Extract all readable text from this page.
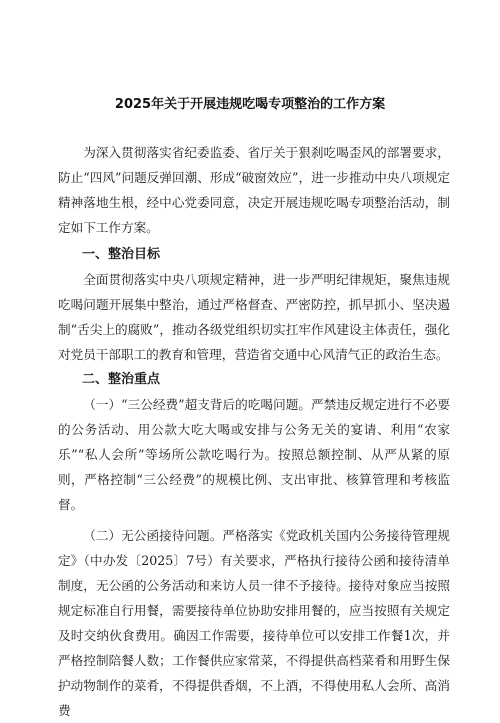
2025年关于开展违规吃喝专项整治的工作方案

为深入贯彻落实省纪委监委、省厅关于狠刹吃喝歪风的部署要求，防止“四风”问题反弹回潮、形成“破窗效应”，进一步推动中央八项规定精神落地生根，经中心党委同意，决定开展违规吃喝专项整治活动，制定如下工作方案。

一、整治目标

全面贯彻落实中央八项规定精神，进一步严明纪律规矩，聚焦违规吃喝问题开展集中整治，通过严格督查、严密防控，抓早抓小、坚决遏制“舌尖上的腐败”，推动各级党组织切实扛牢作风建设主体责任，强化对党员干部职工的教育和管理，营造省交通中心风清气正的政治生态。

二、整治重点

（一）“三公经费”超支背后的吃喝问题。严禁违反规定进行不必要的公务活动、用公款大吃大喝或安排与公务无关的宴请、利用“农家乐”“私人会所”等场所公款吃喝行为。按照总额控制、从严从紧的原则，严格控制“三公经费”的规模比例、支出审批、核算管理和考核监督。

（二）无公函接待问题。严格落实《党政机关国内公务接待管理规定》（中办发〔2025〕7号）有关要求，严格执行接待公函和接待清单制度，无公函的公务活动和来访人员一律不予接待。接待对象应当按照规定标准自行用餐，需要接待单位协助安排用餐的，应当按照有关规定及时交纳伙食费用。确因工作需要，接待单位可以安排工作餐1次，并严格控制陪餐人数；工作餐供应家常菜，不得提供高档菜肴和用野生保护动物制作的菜肴，不得提供香烟，不上酒，不得使用私人会所、高消费
